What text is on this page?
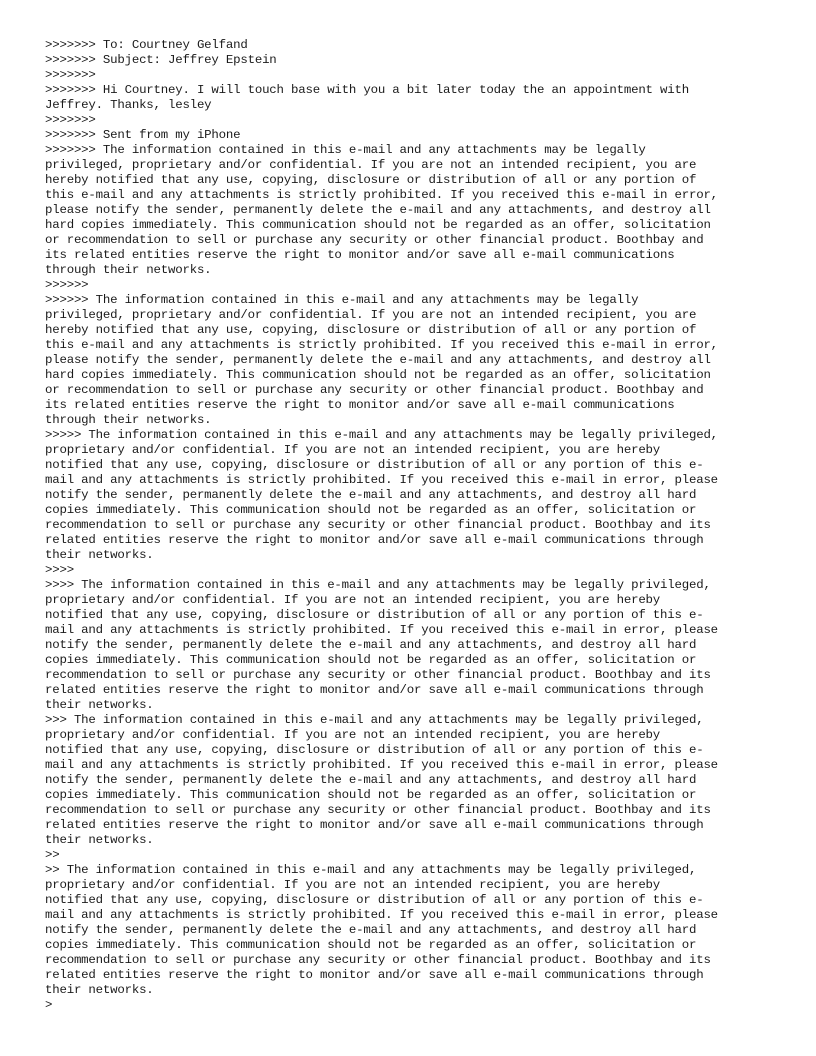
>>>>>>> To: Courtney Gelfand
>>>>>>> Subject: Jeffrey Epstein
>>>>>>>
>>>>>>> Hi Courtney. I will touch base with you a bit later today the an appointment with
Jeffrey. Thanks, lesley
>>>>>>>
>>>>>>> Sent from my iPhone
>>>>>>> The information contained in this e-mail and any attachments may be legally
privileged, proprietary and/or confidential. If you are not an intended recipient, you are
hereby notified that any use, copying, disclosure or distribution of all or any portion of
this e-mail and any attachments is strictly prohibited. If you received this e-mail in error,
please notify the sender, permanently delete the e-mail and any attachments, and destroy all
hard copies immediately. This communication should not be regarded as an offer, solicitation
or recommendation to sell or purchase any security or other financial product. Boothbay and
its related entities reserve the right to monitor and/or save all e-mail communications
through their networks.
>>>>>>
>>>>>> The information contained in this e-mail and any attachments may be legally
privileged, proprietary and/or confidential. If you are not an intended recipient, you are
hereby notified that any use, copying, disclosure or distribution of all or any portion of
this e-mail and any attachments is strictly prohibited. If you received this e-mail in error,
please notify the sender, permanently delete the e-mail and any attachments, and destroy all
hard copies immediately. This communication should not be regarded as an offer, solicitation
or recommendation to sell or purchase any security or other financial product. Boothbay and
its related entities reserve the right to monitor and/or save all e-mail communications
through their networks.
>>>>> The information contained in this e-mail and any attachments may be legally privileged,
proprietary and/or confidential. If you are not an intended recipient, you are hereby
notified that any use, copying, disclosure or distribution of all or any portion of this e-
mail and any attachments is strictly prohibited. If you received this e-mail in error, please
notify the sender, permanently delete the e-mail and any attachments, and destroy all hard
copies immediately. This communication should not be regarded as an offer, solicitation or
recommendation to sell or purchase any security or other financial product. Boothbay and its
related entities reserve the right to monitor and/or save all e-mail communications through
their networks.
>>>>
>>>> The information contained in this e-mail and any attachments may be legally privileged,
proprietary and/or confidential. If you are not an intended recipient, you are hereby
notified that any use, copying, disclosure or distribution of all or any portion of this e-
mail and any attachments is strictly prohibited. If you received this e-mail in error, please
notify the sender, permanently delete the e-mail and any attachments, and destroy all hard
copies immediately. This communication should not be regarded as an offer, solicitation or
recommendation to sell or purchase any security or other financial product. Boothbay and its
related entities reserve the right to monitor and/or save all e-mail communications through
their networks.
>>> The information contained in this e-mail and any attachments may be legally privileged,
proprietary and/or confidential. If you are not an intended recipient, you are hereby
notified that any use, copying, disclosure or distribution of all or any portion of this e-
mail and any attachments is strictly prohibited. If you received this e-mail in error, please
notify the sender, permanently delete the e-mail and any attachments, and destroy all hard
copies immediately. This communication should not be regarded as an offer, solicitation or
recommendation to sell or purchase any security or other financial product. Boothbay and its
related entities reserve the right to monitor and/or save all e-mail communications through
their networks.
>>
>> The information contained in this e-mail and any attachments may be legally privileged,
proprietary and/or confidential. If you are not an intended recipient, you are hereby
notified that any use, copying, disclosure or distribution of all or any portion of this e-
mail and any attachments is strictly prohibited. If you received this e-mail in error, please
notify the sender, permanently delete the e-mail and any attachments, and destroy all hard
copies immediately. This communication should not be regarded as an offer, solicitation or
recommendation to sell or purchase any security or other financial product. Boothbay and its
related entities reserve the right to monitor and/or save all e-mail communications through
their networks.
>
